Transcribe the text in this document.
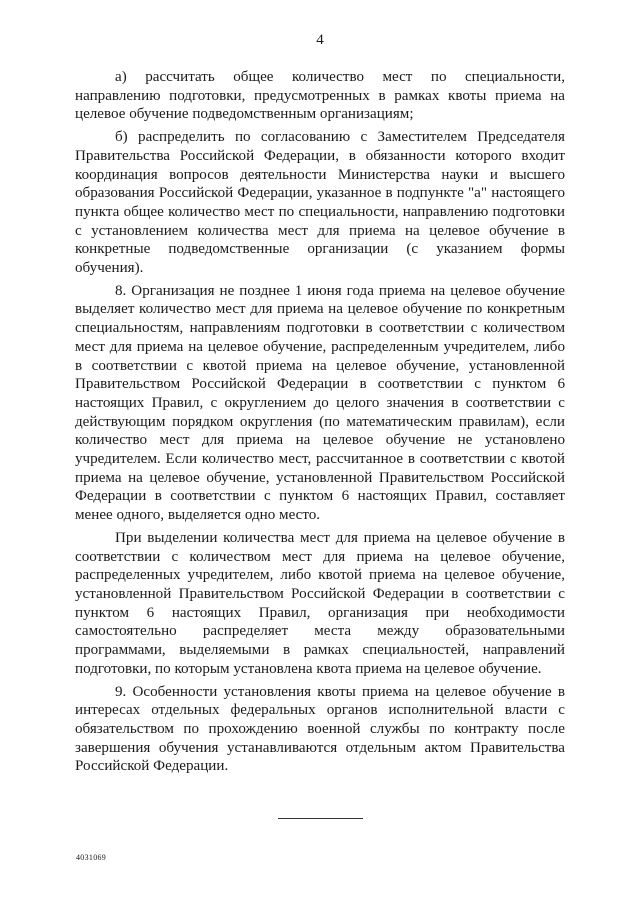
4

а) рассчитать общее количество мест по специальности, направлению подготовки, предусмотренных в рамках квоты приема на целевое обучение подведомственным организациям;

б) распределить по согласованию с Заместителем Председателя Правительства Российской Федерации, в обязанности которого входит координация вопросов деятельности Министерства науки и высшего образования Российской Федерации, указанное в подпункте "а" настоящего пункта общее количество мест по специальности, направлению подготовки с установлением количества мест для приема на целевое обучение в конкретные подведомственные организации (с указанием формы обучения).

8. Организация не позднее 1 июня года приема на целевое обучение выделяет количество мест для приема на целевое обучение по конкретным специальностям, направлениям подготовки в соответствии с количеством мест для приема на целевое обучение, распределенным учредителем, либо в соответствии с квотой приема на целевое обучение, установленной Правительством Российской Федерации в соответствии с пунктом 6 настоящих Правил, с округлением до целого значения в соответствии с действующим порядком округления (по математическим правилам), если количество мест для приема на целевое обучение не установлено учредителем. Если количество мест, рассчитанное в соответствии с квотой приема на целевое обучение, установленной Правительством Российской Федерации в соответствии с пунктом 6 настоящих Правил, составляет менее одного, выделяется одно место.

При выделении количества мест для приема на целевое обучение в соответствии с количеством мест для приема на целевое обучение, распределенных учредителем, либо квотой приема на целевое обучение, установленной Правительством Российской Федерации в соответствии с пунктом 6 настоящих Правил, организация при необходимости самостоятельно распределяет места между образовательными программами, выделяемыми в рамках специальностей, направлений подготовки, по которым установлена квота приема на целевое обучение.

9. Особенности установления квоты приема на целевое обучение в интересах отдельных федеральных органов исполнительной власти с обязательством по прохождению военной службы по контракту после завершения обучения устанавливаются отдельным актом Правительства Российской Федерации.

4031069
